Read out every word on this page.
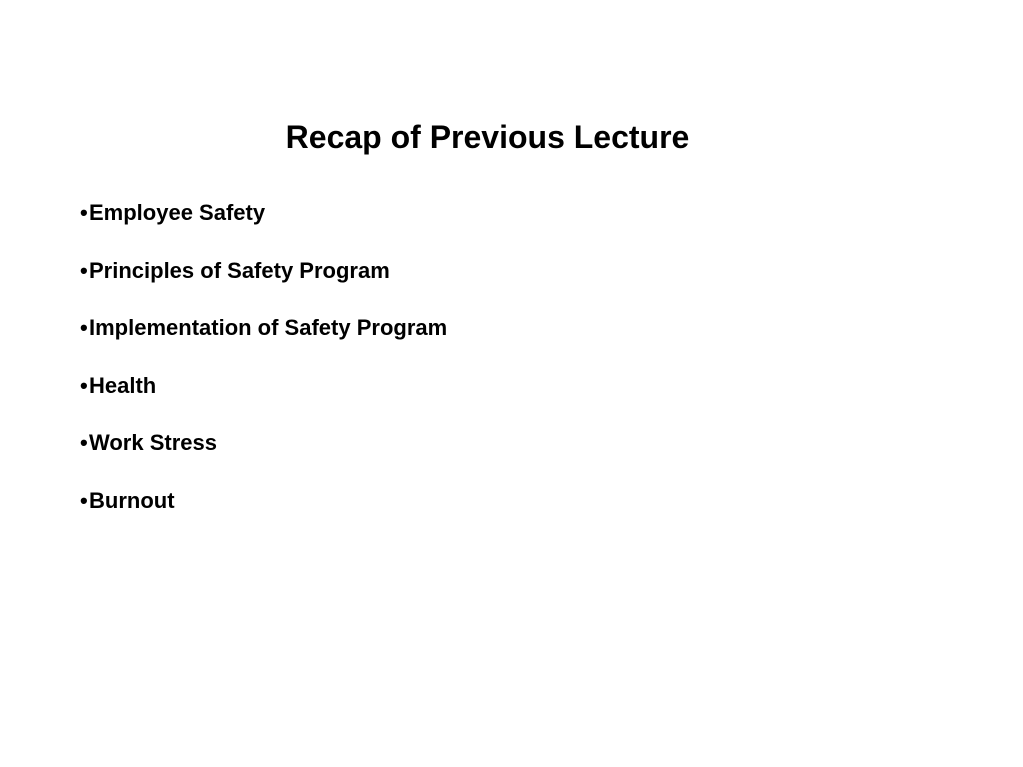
Recap of Previous Lecture
•Employee Safety
•Principles of Safety Program
•Implementation of Safety Program
•Health
•Work Stress
•Burnout
